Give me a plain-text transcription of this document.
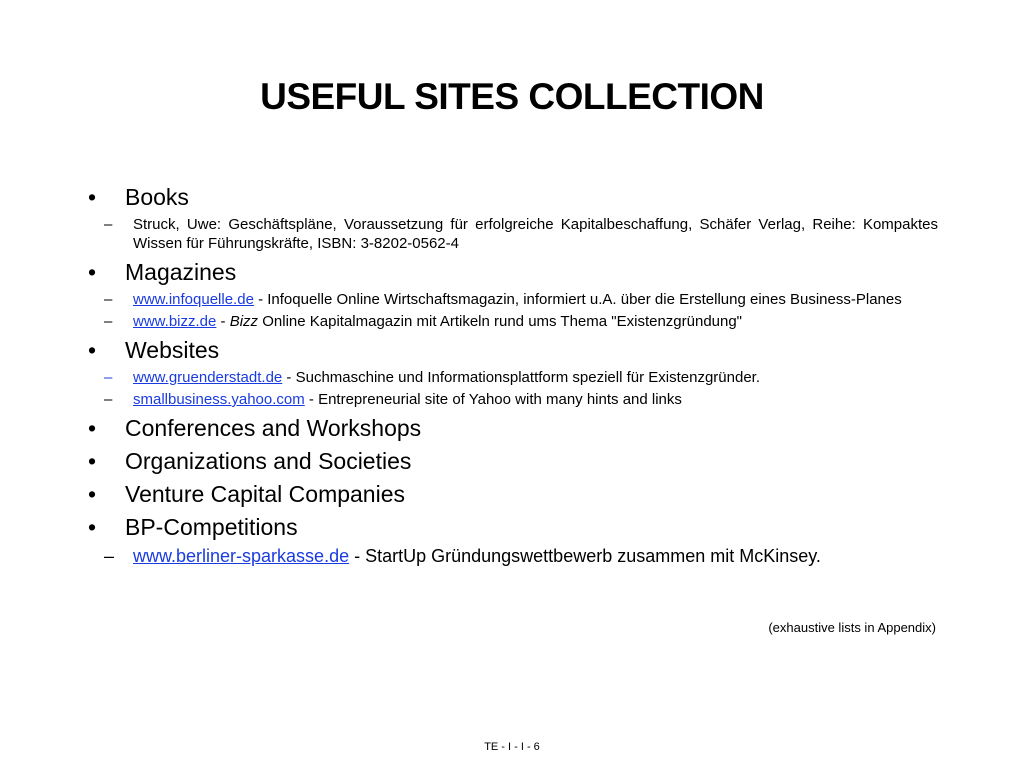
USEFUL SITES COLLECTION
• Books
– Struck, Uwe: Geschäftspläne, Voraussetzung für erfolgreiche Kapitalbeschaffung, Schäfer Verlag, Reihe: Kompaktes Wissen für Führungskräfte, ISBN: 3-8202-0562-4
• Magazines
– www.infoquelle.de - Infoquelle Online Wirtschaftsmagazin, informiert u.A. über die Erstellung eines Business-Planes
– www.bizz.de - Bizz Online Kapitalmagazin mit Artikeln rund ums Thema "Existenzgründung"
• Websites
– www.gruenderstadt.de - Suchmaschine und Informationsplattform speziell für Existenzgründer.
– smallbusiness.yahoo.com - Entrepreneurial site of Yahoo with many hints and links
• Conferences and Workshops
• Organizations and Societies
• Venture Capital Companies
• BP-Competitions
– www.berliner-sparkasse.de - StartUp Gründungswettbewerb zusammen mit McKinsey.
(exhaustive lists in Appendix)
TE - I - I - 6
